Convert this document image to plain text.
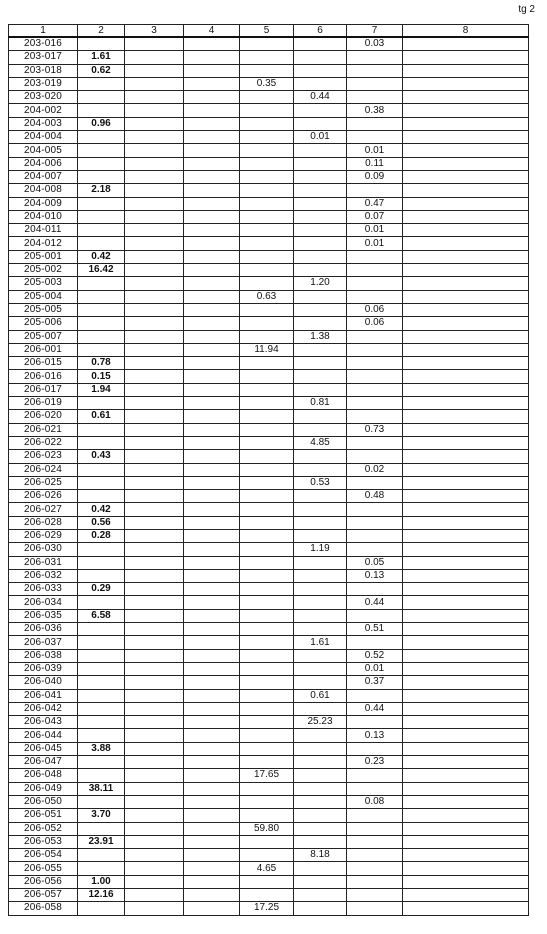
tg 2
1	2	3	4	5	6	7	8
203-016						0.03	
203-017	1.61						
203-018	0.62						
203-019				0.35			
203-020					0.44		
204-002						0.38	
204-003	0.96						
204-004					0.01		
204-005						0.01	
204-006						0.11	
204-007						0.09	
204-008	2.18						
204-009						0.47	
204-010						0.07	
204-011						0.01	
204-012						0.01	
205-001	0.42						
205-002	16.42						
205-003					1.20		
205-004				0.63			
205-005						0.06	
205-006						0.06	
205-007					1.38		
206-001				11.94			
206-015	0.78						
206-016	0.15						
206-017	1.94						
206-019					0.81		
206-020	0.61						
206-021						0.73	
206-022					4.85		
206-023	0.43						
206-024						0.02	
206-025					0.53		
206-026						0.48	
206-027	0.42						
206-028	0.56						
206-029	0.28						
206-030					1.19		
206-031						0.05	
206-032						0.13	
206-033	0.29						
206-034						0.44	
206-035	6.58						
206-036						0.51	
206-037					1.61		
206-038						0.52	
206-039						0.01	
206-040						0.37	
206-041					0.61		
206-042						0.44	
206-043					25.23		
206-044						0.13	
206-045	3.88						
206-047						0.23	
206-048				17.65			
206-049	38.11						
206-050						0.08	
206-051	3.70						
206-052				59.80			
206-053	23.91						
206-054					8.18		
206-055				4.65			
206-056	1.00						
206-057	12.16						
206-058				17.25			
